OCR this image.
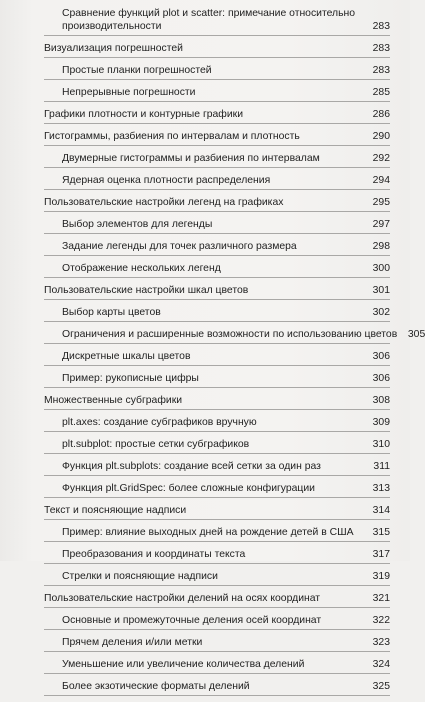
Сравнение функций plot и scatter: примечание относительно производительности	283
Визуализация погрешностей	283
Простые планки погрешностей	283
Непрерывные погрешности	285
Графики плотности и контурные графики	286
Гистограммы, разбиения по интервалам и плотность	290
Двумерные гистограммы и разбиения по интервалам	292
Ядерная оценка плотности распределения	294
Пользовательские настройки легенд на графиках	295
Выбор элементов для легенды	297
Задание легенды для точек различного размера	298
Отображение нескольких легенд	300
Пользовательские настройки шкал цветов	301
Выбор карты цветов	302
Ограничения и расширенные возможности по использованию цветов	305
Дискретные шкалы цветов	306
Пример: рукописные цифры	306
Множественные субграфики	308
plt.axes: создание субграфиков вручную	309
plt.subplot: простые сетки субграфиков	310
Функция plt.subplots: создание всей сетки за один раз	311
Функция plt.GridSpec: более сложные конфигурации	313
Текст и поясняющие надписи	314
Пример: влияние выходных дней на рождение детей в США	315
Преобразования и координаты текста	317
Стрелки и поясняющие надписи	319
Пользовательские настройки делений на осях координат	321
Основные и промежуточные деления осей координат	322
Прячем деления и/или метки	323
Уменьшение или увеличение количества делений	324
Более экзотические форматы делений	325
